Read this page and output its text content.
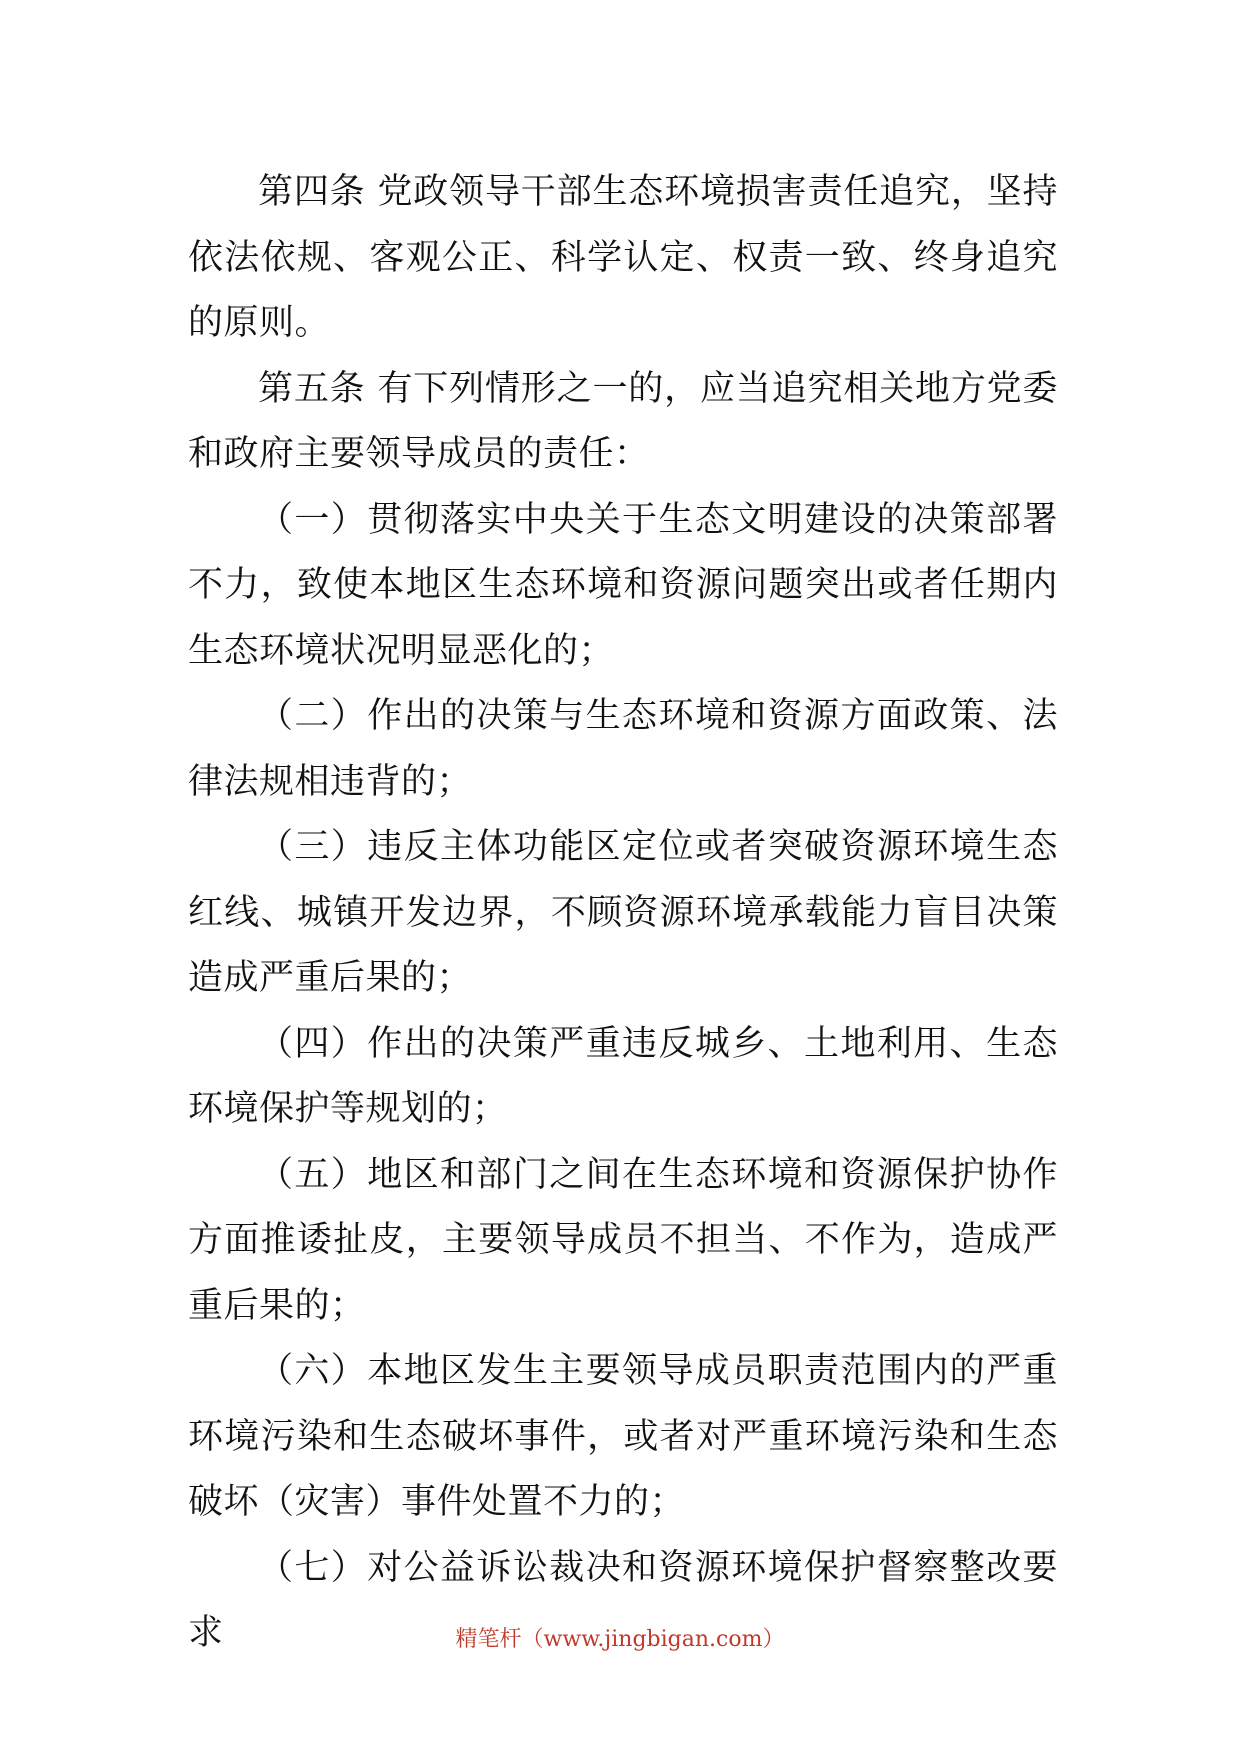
第四条 党政领导干部生态环境损害责任追究，坚持依法依规、客观公正、科学认定、权责一致、终身追究的原则。

第五条 有下列情形之一的，应当追究相关地方党委和政府主要领导成员的责任：

（一）贯彻落实中央关于生态文明建设的决策部署不力，致使本地区生态环境和资源问题突出或者任期内生态环境状况明显恶化的；

（二）作出的决策与生态环境和资源方面政策、法律法规相违背的；

（三）违反主体功能区定位或者突破资源环境生态红线、城镇开发边界，不顾资源环境承载能力盲目决策造成严重后果的；

（四）作出的决策严重违反城乡、土地利用、生态环境保护等规划的；

（五）地区和部门之间在生态环境和资源保护协作方面推诿扯皮，主要领导成员不担当、不作为，造成严重后果的；

（六）本地区发生主要领导成员职责范围内的严重环境污染和生态破坏事件，或者对严重环境污染和生态破坏（灾害）事件处置不力的；

（七）对公益诉讼裁决和资源环境保护督察整改要求	精笔杆（www.jingbigan.com）
